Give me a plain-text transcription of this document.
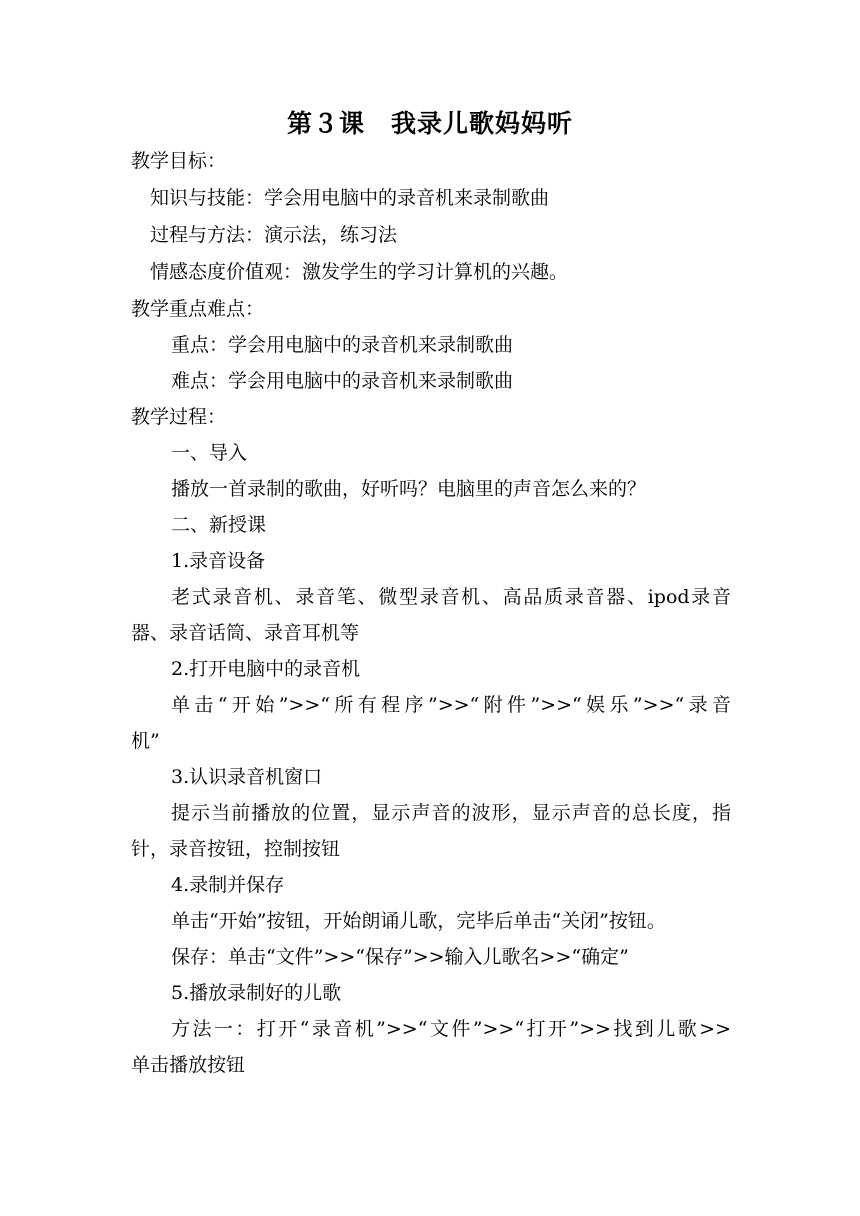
第３课　我录儿歌妈妈听
教学目标：
知识与技能：学会用电脑中的录音机来录制歌曲
过程与方法：演示法，练习法
情感态度价值观：激发学生的学习计算机的兴趣。
教学重点难点：
重点：学会用电脑中的录音机来录制歌曲
难点：学会用电脑中的录音机来录制歌曲
教学过程：
一、导入
播放一首录制的歌曲，好听吗？电脑里的声音怎么来的？
二、新授课
1.录音设备
老式录音机、录音笔、微型录音机、高品质录音器、ipod录音
器、录音话筒、录音耳机等
2.打开电脑中的录音机
单击“开始”>>“所有程序”>>“附件”>>“娱乐”>>“录音
机”
3.认识录音机窗口
提示当前播放的位置，显示声音的波形，显示声音的总长度，指
针，录音按钮，控制按钮
4.录制并保存
单击“开始”按钮，开始朗诵儿歌，完毕后单击“关闭”按钮。
保存：单击“文件”>>“保存”>>输入儿歌名>>“确定”
5.播放录制好的儿歌
方法一：打开“录音机”>>“文件”>>“打开”>>找到儿歌>>
单击播放按钮
